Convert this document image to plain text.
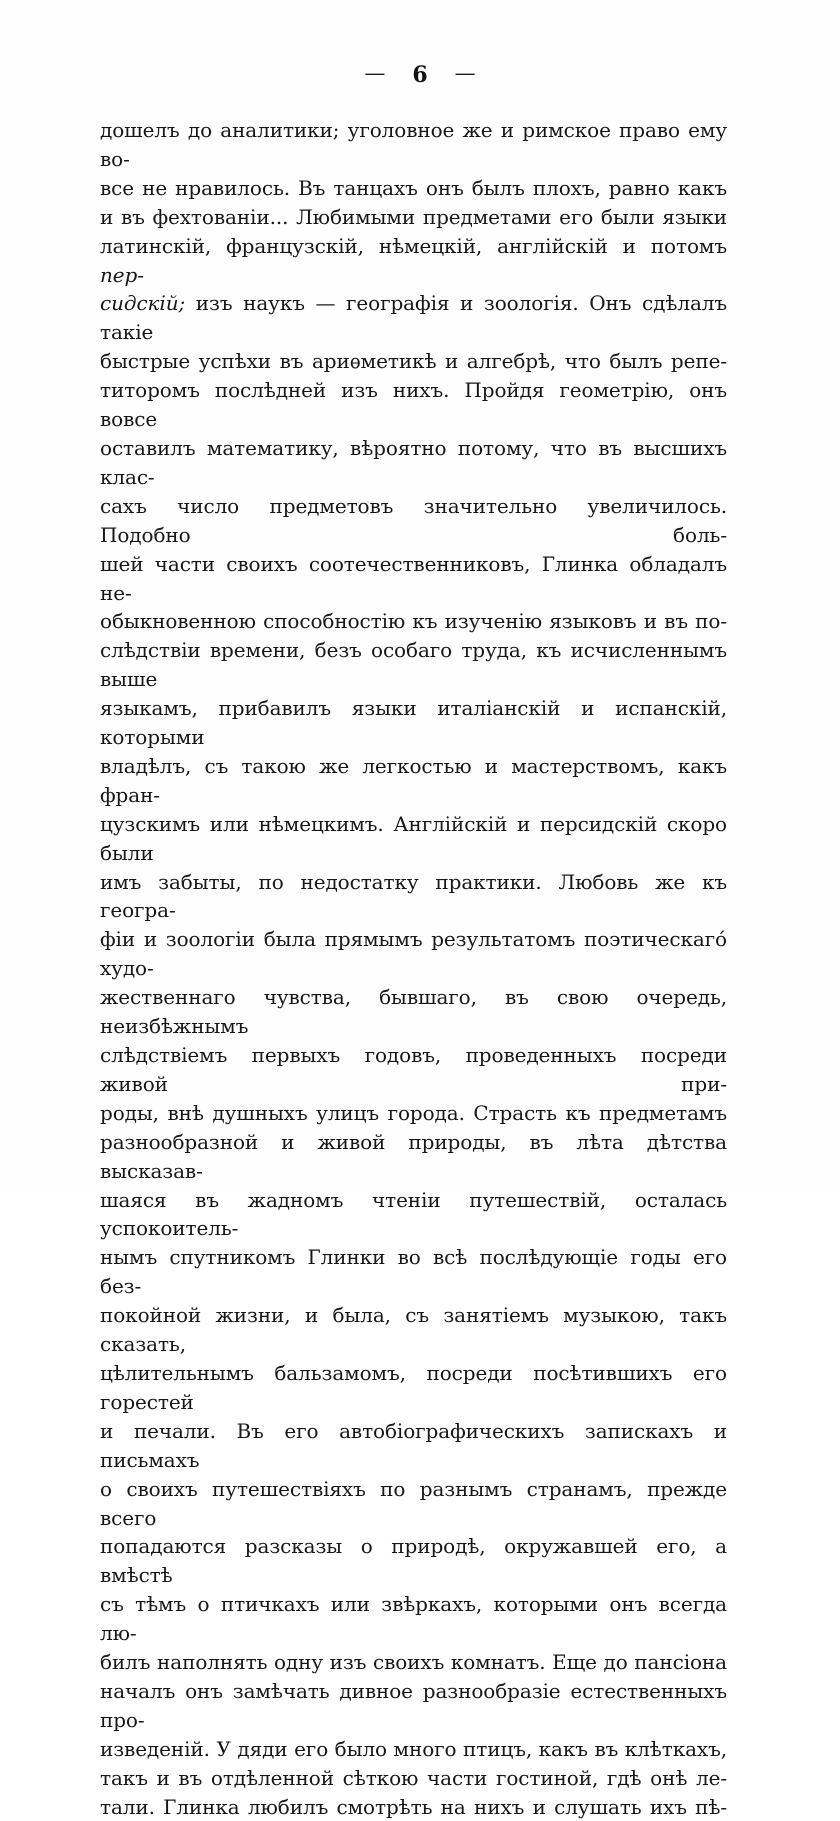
— 6 —
дошелъ до аналитики; уголовное же и римское право ему во-
все не нравилось. Въ танцахъ онъ былъ плохъ, равно какъ
и въ фехтованіи... Любимыми предметами его были языки
латинскій, французскій, нѣмецкій, англійскій и потомъ пер-
сидскій; изъ наукъ — географія и зоологія. Онъ сдѣлалъ такіе
быстрые успѣхи въ ариѳметикѣ и алгебрѣ, что былъ репе-
титоромъ послѣдней изъ нихъ. Пройдя геометрію, онъ вовсе
оставилъ математику, вѣроятно потому, что въ высшихъ клас-
сахъ число предметовъ значительно увеличилось. Подобно боль-
шей части своихъ соотечественниковъ, Глинка обладалъ не-
обыкновенною способностію къ изученію языковъ и въ по-
слѣдствіи времени, безъ особаго труда, къ исчисленнымъ выше
языкамъ, прибавилъ языки италіанскій и испанскій, которыми
владѣлъ, съ такою же легкостью и мастерствомъ, какъ фран-
цузскимъ или нѣмецкимъ. Англійскій и персидскій скоро были
имъ забыты, по недостатку практики. Любовь же къ геогра-
фіи и зоологіи была прямымъ результатомъ поэтическаго́ худо-
жественнаго чувства, бывшаго, въ свою очередь, неизбѣжнымъ
слѣдствіемъ первыхъ годовъ, проведенныхъ посреди живой при-
роды, внѣ душныхъ улицъ города. Страсть къ предметамъ
разнообразной и живой природы, въ лѣта дѣтства высказав-
шаяся въ жадномъ чтеніи путешествій, осталась успокоитель-
нымъ спутникомъ Глинки во всѣ послѣдующіе годы его без-
покойной жизни, и была, съ занятіемъ музыкою, такъ сказать,
цѣлительнымъ бальзамомъ, посреди посѣтившихъ его горестей
и печали. Въ его автобіографическихъ запискахъ и письмахъ
о своихъ путешествіяхъ по разнымъ странамъ, прежде всего
попадаются разсказы о природѣ, окружавшей его, а вмѣстѣ
съ тѣмъ о птичкахъ или звѣркахъ, которыми онъ всегда лю-
билъ наполнять одну изъ своихъ комнатъ. Еще до пансіона
началъ онъ замѣчать дивное разнообразіе естественныхъ про-
изведеній. У дяди его было много птицъ, какъ въ клѣткахъ,
такъ и въ отдѣленной сѣткою части гостиной, гдѣ онѣ ле-
тали. Глинка любилъ смотрѣть на нихъ и слушать ихъ пѣ-
